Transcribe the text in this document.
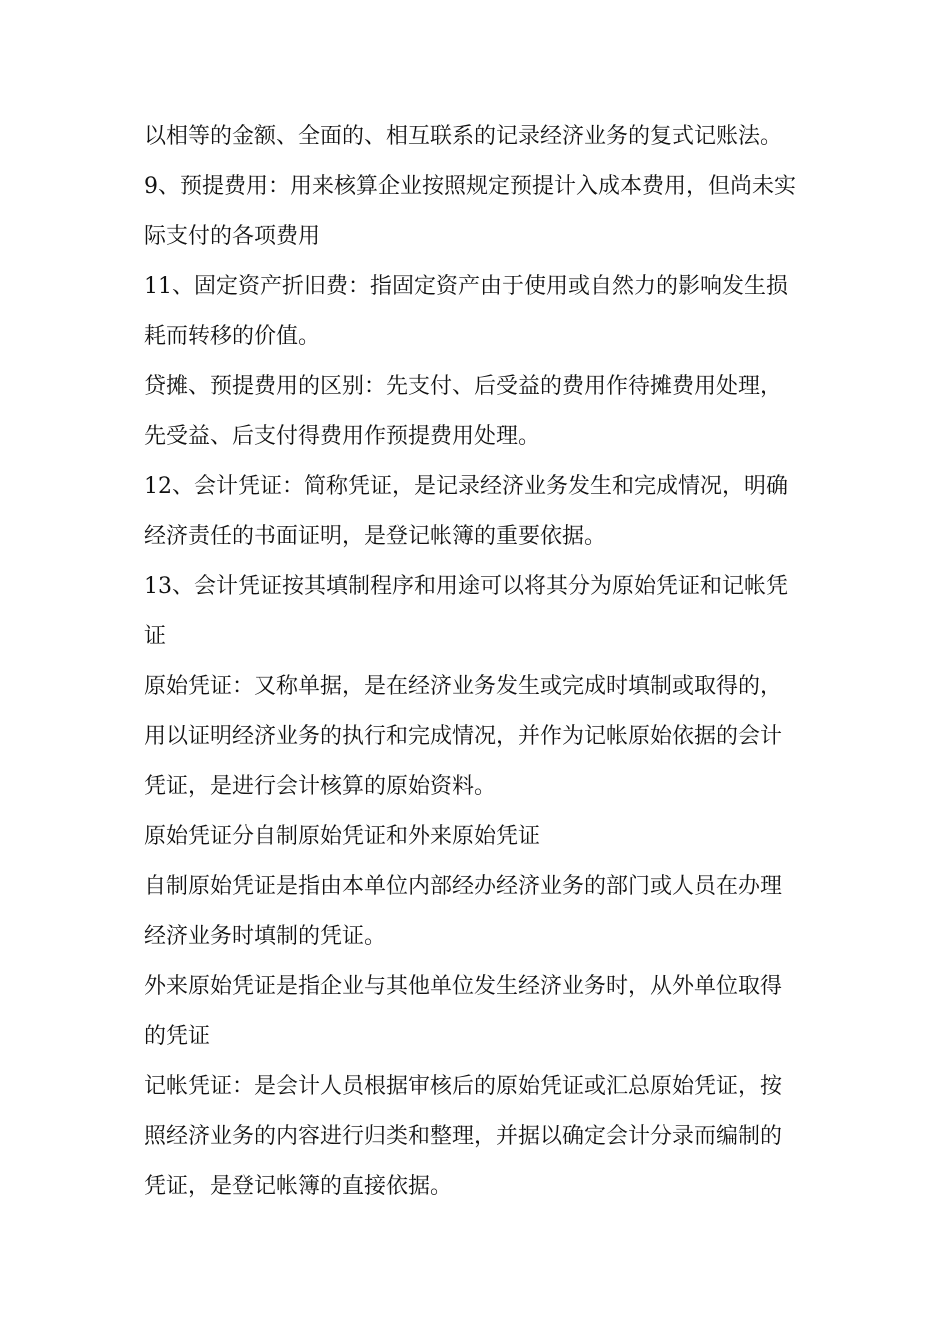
以相等的金额、全面的、相互联系的记录经济业务的复式记账法。
9、预提费用：用来核算企业按照规定预提计入成本费用，但尚未实
际支付的各项费用
11、固定资产折旧费：指固定资产由于使用或自然力的影响发生损
耗而转移的价值。
贷摊、预提费用的区别：先支付、后受益的费用作待摊费用处理，
先受益、后支付得费用作预提费用处理。
12、会计凭证：简称凭证，是记录经济业务发生和完成情况，明确
经济责任的书面证明，是登记帐簿的重要依据。
13、会计凭证按其填制程序和用途可以将其分为原始凭证和记帐凭
证
原始凭证：又称单据，是在经济业务发生或完成时填制或取得的，
用以证明经济业务的执行和完成情况，并作为记帐原始依据的会计
凭证，是进行会计核算的原始资料。
原始凭证分自制原始凭证和外来原始凭证
自制原始凭证是指由本单位内部经办经济业务的部门或人员在办理
经济业务时填制的凭证。
外来原始凭证是指企业与其他单位发生经济业务时，从外单位取得
的凭证
记帐凭证：是会计人员根据审核后的原始凭证或汇总原始凭证，按
照经济业务的内容进行归类和整理，并据以确定会计分录而编制的
凭证，是登记帐簿的直接依据。
